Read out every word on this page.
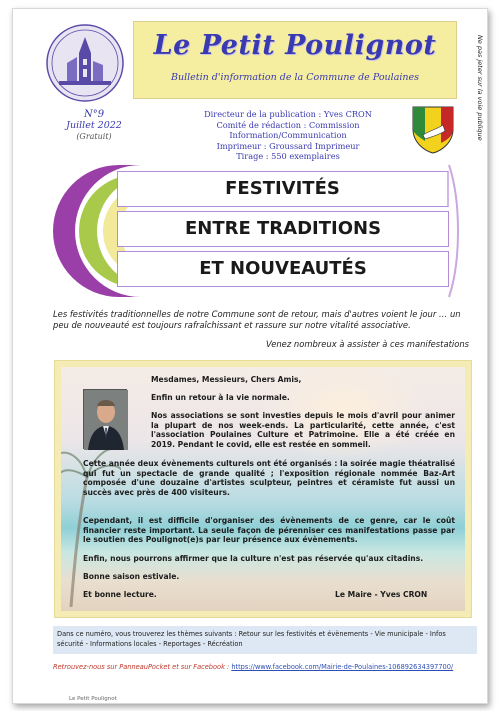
Le Petit Poulignot
Bulletin d'information de la Commune de Poulaines	Ne pas jeter sur la voie publique
N°9
Juillet 2022
(Gratuit)
Directeur de la publication : Yves CRON
Comité de rédaction : Commission Information/Communication
Imprimeur : Groussard Imprimeur
Tirage : 550 exemplaires
FESTIVITÉS
ENTRE TRADITIONS
ET NOUVEAUTÉS
Les festivités traditionnelles de notre Commune sont de retour, mais d'autres voient le jour … un peu de nouveauté est toujours rafraîchissant et rassure sur notre vitalité associative.
Venez nombreux à assister à ces manifestations
Mesdames, Messieurs, Chers Amis,
Enfin un retour à la vie normale.
Nos associations se sont investies depuis le mois d'avril pour animer la plupart de nos week-ends. La particularité, cette année, c'est l'association Poulaines Culture et Patrimoine. Elle a été créée en 2019. Pendant le covid, elle est restée en sommeil.
Cette année deux évènements culturels ont été organisés : la soirée magie théatralisé qui fut un spectacle de grande qualité ; l'exposition régionale nommée Baz-Art composée d'une douzaine d'artistes sculpteur, peintres et céramiste fut aussi un succès avec près de 400 visiteurs.
Cependant, il est difficile d'organiser des évènements de ce genre, car le coût financier reste important. La seule façon de pérenniser ces manifestations passe par le soutien des Poulignot(e)s par leur présence aux évènements.
Enfin, nous pourrons affirmer que la culture n'est pas réservée qu'aux citadins.
Bonne saison estivale.
Et bonne lecture.	Le Maire - Yves CRON
Dans ce numéro, vous trouverez les thèmes suivants : Retour sur les festivités et évènements - Vie municipale - Infos sécurité - Informations locales - Reportages - Récréation
Retrouvez-nous sur PanneauPocket et sur Facebook : https://www.facebook.com/Mairie-de-Poulaines-106892634397700/
Le Petit Poulignot
